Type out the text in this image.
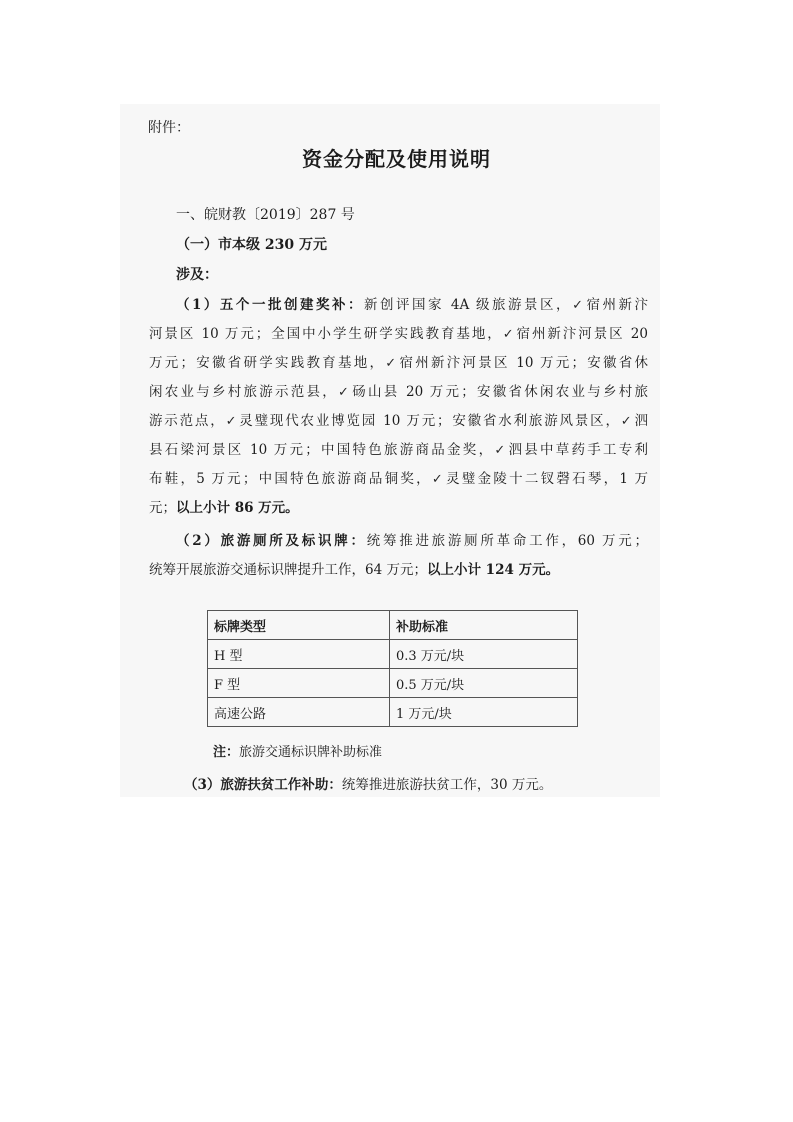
附件：
资金分配及使用说明
一、皖财教〔2019〕287 号
（一）市本级 230 万元
涉及：
（1）五个一批创建奖补：新创评国家 4A 级旅游景区，✓宿州新汴
河景区 10 万元；全国中小学生研学实践教育基地，✓宿州新汴河景区 20
万元；安徽省研学实践教育基地，✓宿州新汴河景区 10 万元；安徽省休
闲农业与乡村旅游示范县，✓砀山县 20 万元；安徽省休闲农业与乡村旅
游示范点，✓灵璧现代农业博览园 10 万元；安徽省水利旅游风景区，✓泗
县石梁河景区 10 万元；中国特色旅游商品金奖，✓泗县中草药手工专利
布鞋，5 万元；中国特色旅游商品铜奖，✓灵璧金陵十二钗磬石琴，1 万
元；以上小计 86 万元。
（2）旅游厕所及标识牌：统筹推进旅游厕所革命工作，60 万元；
统筹开展旅游交通标识牌提升工作，64 万元；以上小计 124 万元。
标牌类型	补助标准
H 型	0.3 万元/块
F 型	0.5 万元/块
高速公路	1 万元/块
注：旅游交通标识牌补助标准
（3）旅游扶贫工作补助：统筹推进旅游扶贫工作，30 万元。
